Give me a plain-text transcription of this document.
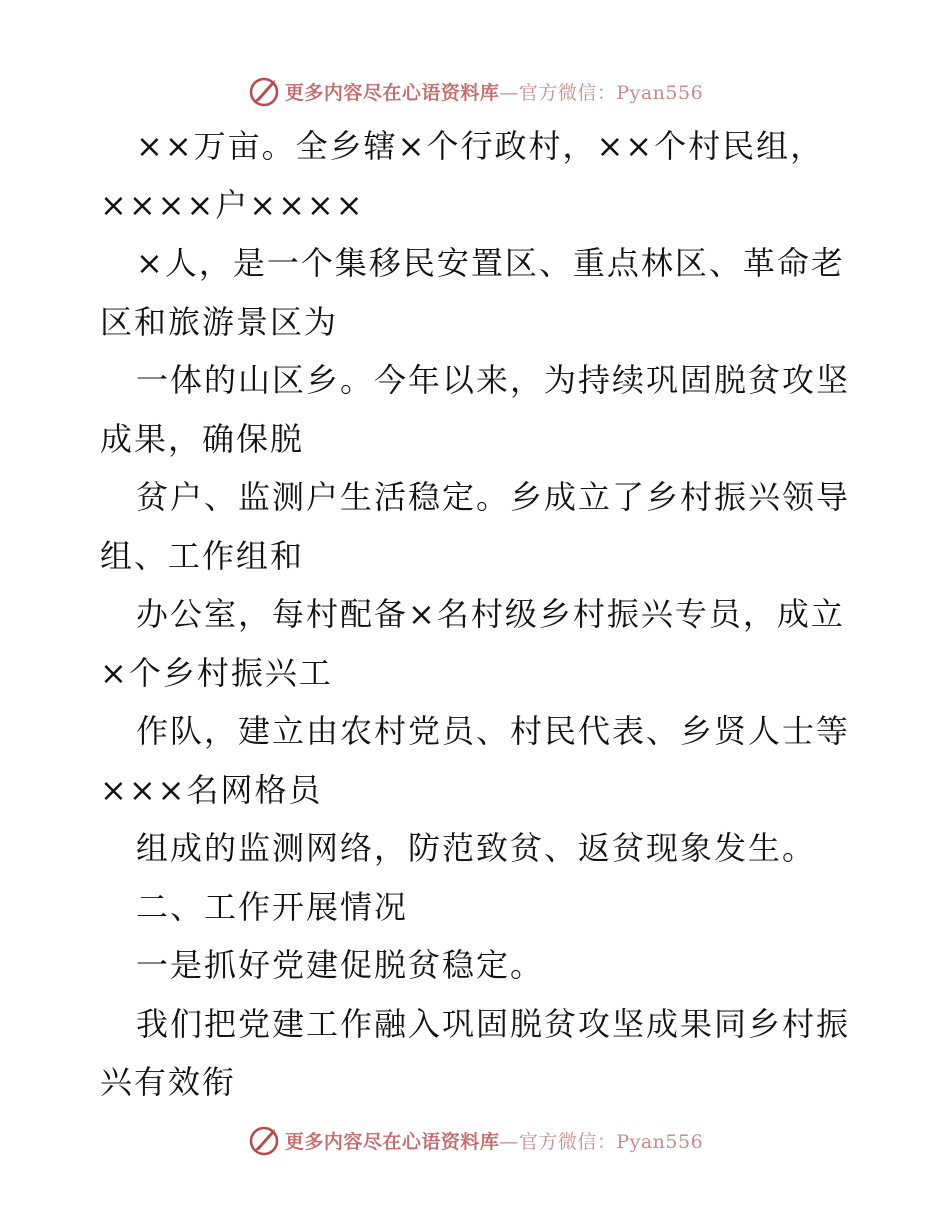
更多内容尽在心语资料库—官方微信：Pyan556
××万亩。全乡辖×个行政村，××个村民组，
××××户××××
×人，是一个集移民安置区、重点林区、革命老
区和旅游景区为
一体的山区乡。今年以来，为持续巩固脱贫攻坚
成果，确保脱
贫户、监测户生活稳定。乡成立了乡村振兴领导
组、工作组和
办公室，每村配备×名村级乡村振兴专员，成立
×个乡村振兴工
作队，建立由农村党员、村民代表、乡贤人士等
×××名网格员
组成的监测网络，防范致贫、返贫现象发生。
二、工作开展情况
一是抓好党建促脱贫稳定。
我们把党建工作融入巩固脱贫攻坚成果同乡村振
兴有效衔
更多内容尽在心语资料库—官方微信：Pyan556
